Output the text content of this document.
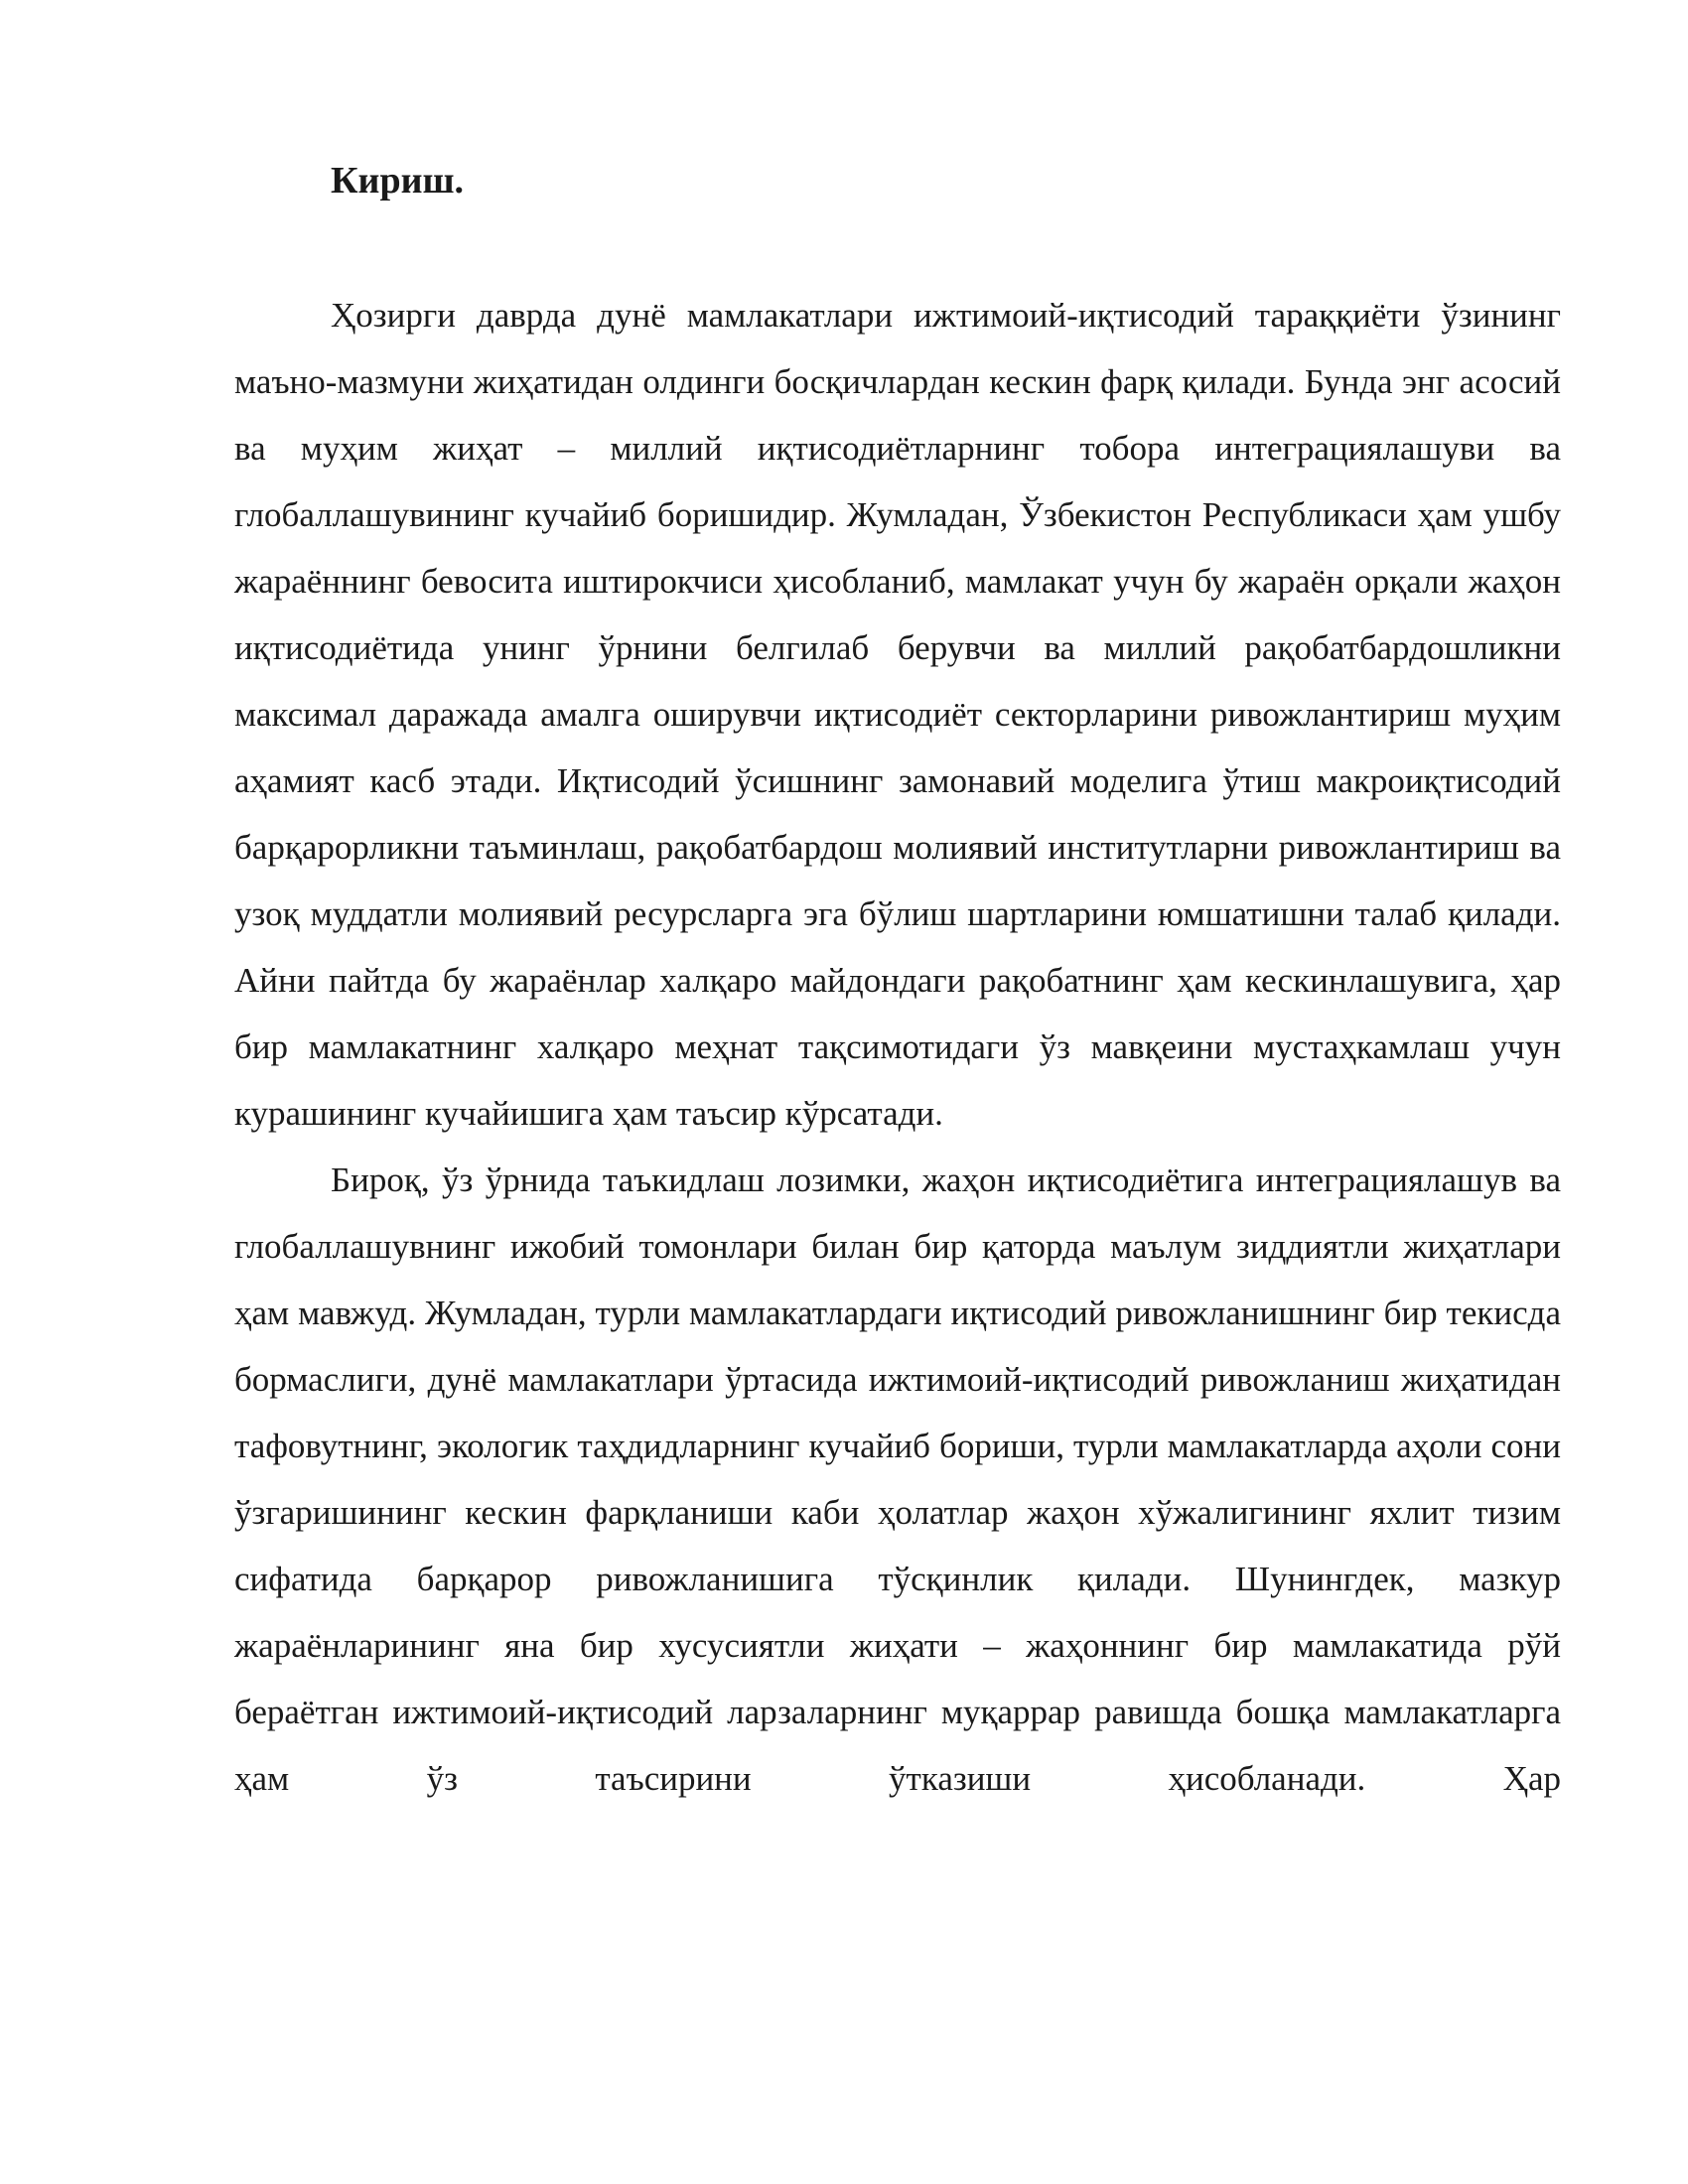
Кириш.

Ҳозирги даврда дунё мамлакатлари ижтимоий-иқтисодий тараққиёти ўзининг маъно-мазмуни жиҳатидан олдинги босқичлардан кескин фарқ қилади. Бунда энг асосий ва муҳим жиҳат – миллий иқтисодиётларнинг тобора интеграциялашуви ва глобаллашувининг кучайиб боришидир. Жумладан, Ўзбекистон Республикаси ҳам ушбу жараённинг бевосита иштирокчиси ҳисобланиб, мамлакат учун бу жараён орқали жаҳон иқтисодиётида унинг ўрнини белгилаб берувчи ва миллий рақобатбардошликни максимал даражада амалга оширувчи иқтисодиёт секторларини ривожлантириш муҳим аҳамият касб этади. Иқтисодий ўсишнинг замонавий моделига ўтиш макроиқтисодий барқарорликни таъминлаш, рақобатбардош молиявий институтларни ривожлантириш ва узоқ муддатли молиявий ресурсларга эга бўлиш шартларини юмшатишни талаб қилади. Айни пайтда бу жараёнлар халқаро майдондаги рақобатнинг ҳам кескинлашувига, ҳар бир мамлакатнинг халқаро меҳнат тақсимотидаги ўз мавқеини мустаҳкамлаш учун курашининг кучайишига ҳам таъсир кўрсатади.

Бироқ, ўз ўрнида таъкидлаш лозимки, жаҳон иқтисодиётига интеграциялашув ва глобаллашувнинг ижобий томонлари билан бир қаторда маълум зиддиятли жиҳатлари ҳам мавжуд. Жумладан, турли мамлакатлардаги иқтисодий ривожланишнинг бир текисда бормаслиги, дунё мамлакатлари ўртасида ижтимоий-иқтисодий ривожланиш жиҳатидан тафовутнинг, экологик таҳдидларнинг кучайиб бориши, турли мамлакатларда аҳоли сони ўзгаришининг кескин фарқланиши каби ҳолатлар жаҳон хўжалигининг яхлит тизим сифатида барқарор ривожланишига тўсқинлик қилади. Шунингдек, мазкур жараёнларининг яна бир хусусиятли жиҳати – жаҳоннинг бир мамлакатида рўй бераётган ижтимоий-иқтисодий ларзаларнинг муқаррар равишда бошқа мамлакатларга ҳам ўз таъсирини ўтказиши ҳисобланади. Ҳар
